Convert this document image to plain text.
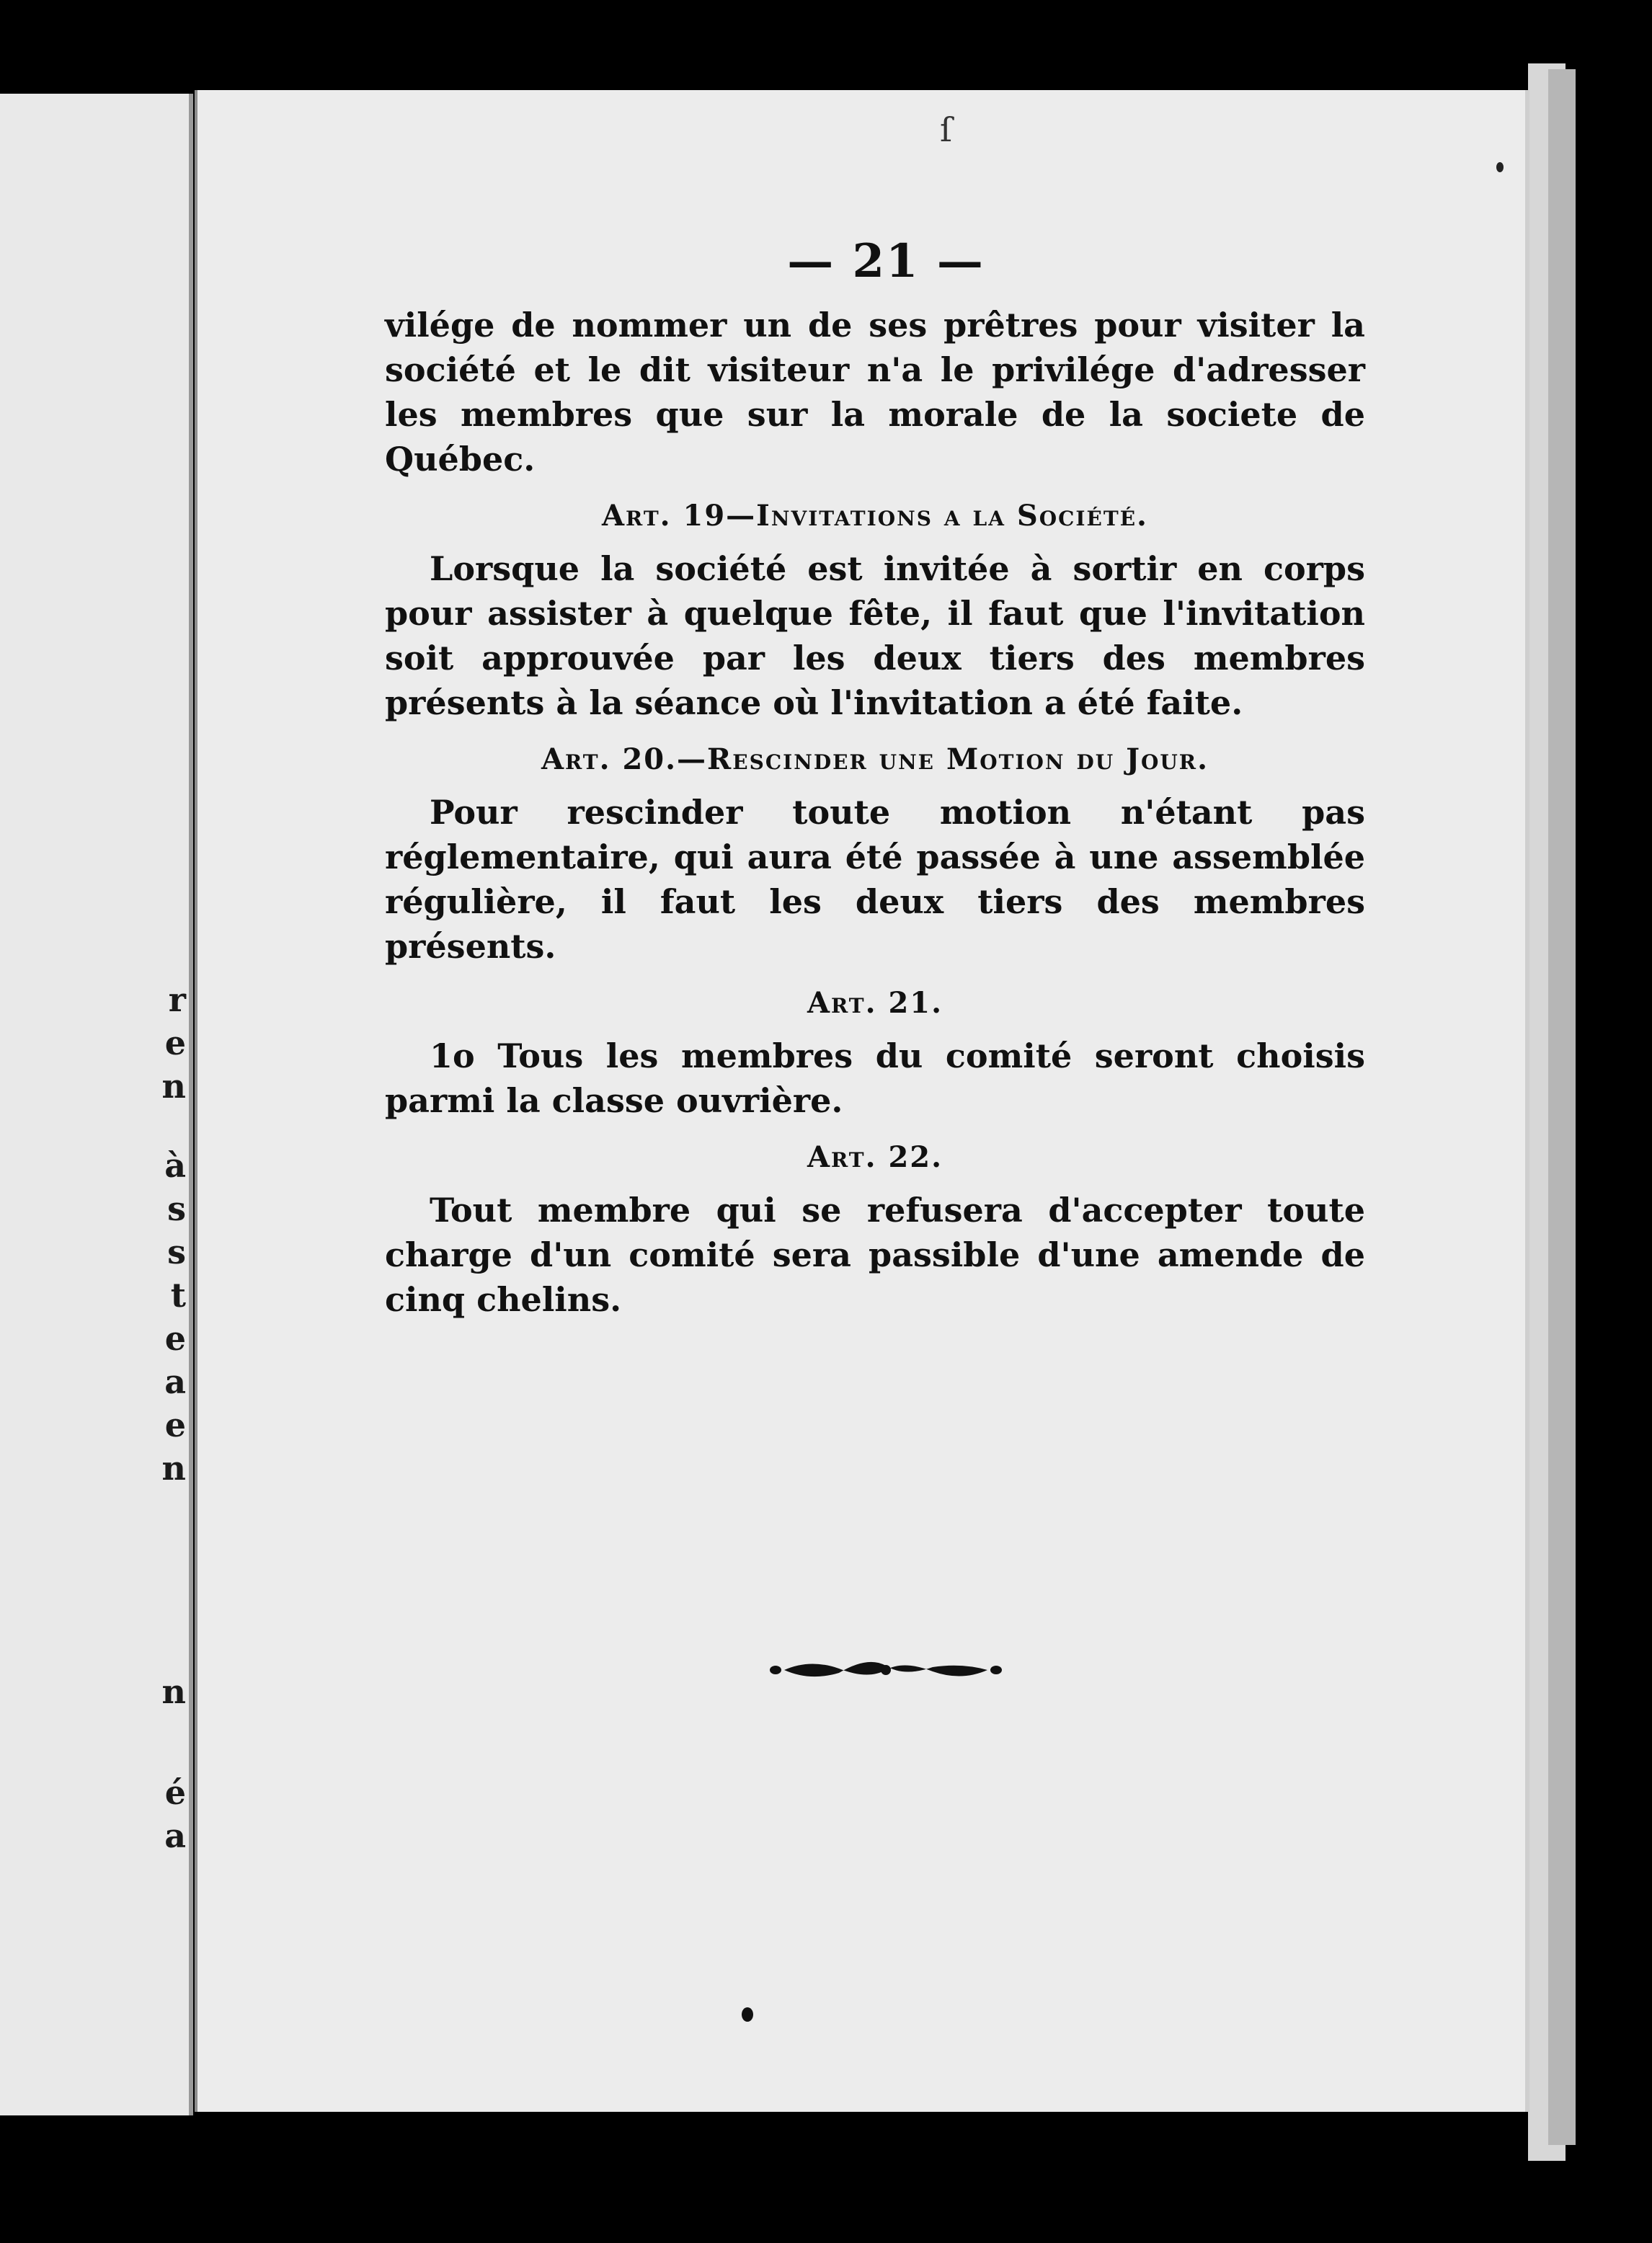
r
e
n
à
s
s
t
e
a
e
n
n
é
a
ſ
— 21 —

vilége de nommer un de ses prêtres pour visiter la société et le dit visiteur n'a le privilége d'adresser les membres que sur la morale de la societe de Québec.

Art. 19—Invitations a la Société.

Lorsque la société est invitée à sortir en corps pour assister à quelque fête, il faut que l'invitation soit approuvée par les deux tiers des membres présents à la séance où l'invitation a été faite.

Art. 20.—Rescinder une Motion du Jour.

Pour rescinder toute motion n'étant pas réglementaire, qui aura été passée à une assemblée régulière, il faut les deux tiers des membres présents.

Art. 21.

1o Tous les membres du comité seront choisis parmi la classe ouvrière.

Art. 22.

Tout membre qui se refusera d'accepter toute charge d'un comité sera passible d'une amende de cinq chelins.
